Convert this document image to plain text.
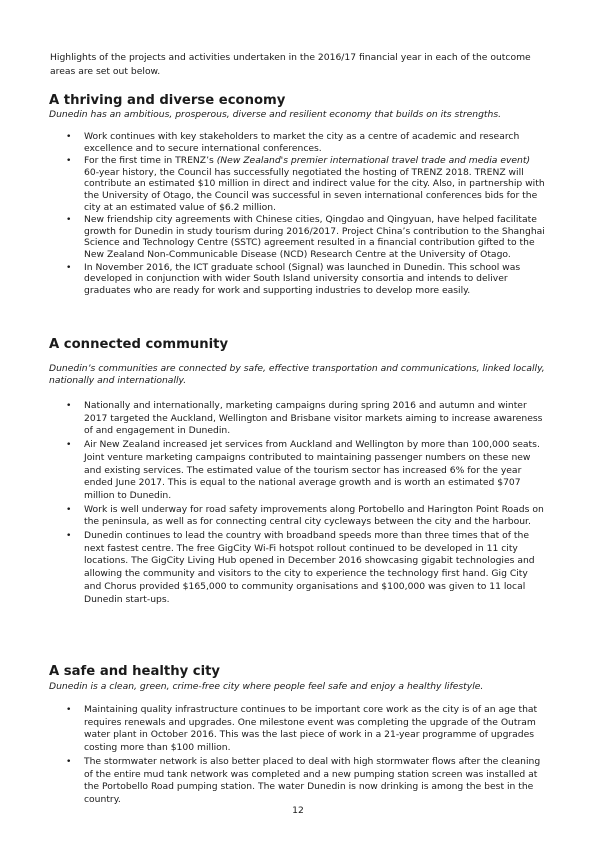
Highlights of the projects and activities undertaken in the 2016/17 financial year in each of the outcome areas are set out below.

A thriving and diverse economy

Dunedin has an ambitious, prosperous, diverse and resilient economy that builds on its strengths.

• Work continues with key stakeholders to market the city as a centre of academic and research excellence and to secure international conferences.
• For the first time in TRENZ’s (New Zealand's premier international travel trade and media event) 60-year history, the Council has successfully negotiated the hosting of TRENZ 2018. TRENZ will contribute an estimated $10 million in direct and indirect value for the city. Also, in partnership with the University of Otago, the Council was successful in seven international conferences bids for the city at an estimated value of $6.2 million.
• New friendship city agreements with Chinese cities, Qingdao and Qingyuan, have helped facilitate growth for Dunedin in study tourism during 2016/2017. Project China’s contribution to the Shanghai Science and Technology Centre (SSTC) agreement resulted in a financial contribution gifted to the New Zealand Non-Communicable Disease (NCD) Research Centre at the University of Otago.
• In November 2016, the ICT graduate school (Signal) was launched in Dunedin. This school was developed in conjunction with wider South Island university consortia and intends to deliver graduates who are ready for work and supporting industries to develop more easily.
A connected community

Dunedin’s communities are connected by safe, effective transportation and communications, linked locally, nationally and internationally.

• Nationally and internationally, marketing campaigns during spring 2016 and autumn and winter 2017 targeted the Auckland, Wellington and Brisbane visitor markets aiming to increase awareness of and engagement in Dunedin.
• Air New Zealand increased jet services from Auckland and Wellington by more than 100,000 seats. Joint venture marketing campaigns contributed to maintaining passenger numbers on these new and existing services. The estimated value of the tourism sector has increased 6% for the year ended June 2017. This is equal to the national average growth and is worth an estimated $707 million to Dunedin.
• Work is well underway for road safety improvements along Portobello and Harington Point Roads on the peninsula, as well as for connecting central city cycleways between the city and the harbour.
• Dunedin continues to lead the country with broadband speeds more than three times that of the next fastest centre. The free GigCity Wi-Fi hotspot rollout continued to be developed in 11 city locations. The GigCity Living Hub opened in December 2016 showcasing gigabit technologies and allowing the community and visitors to the city to experience the technology first hand. Gig City and Chorus provided $165,000 to community organisations and $100,000 was given to 11 local Dunedin start-ups.
A safe and healthy city

Dunedin is a clean, green, crime-free city where people feel safe and enjoy a healthy lifestyle.

• Maintaining quality infrastructure continues to be important core work as the city is of an age that requires renewals and upgrades. One milestone event was completing the upgrade of the Outram water plant in October 2016. This was the last piece of work in a 21-year programme of upgrades costing more than $100 million.
• The stormwater network is also better placed to deal with high stormwater flows after the cleaning of the entire mud tank network was completed and a new pumping station screen was installed at the Portobello Road pumping station. The water Dunedin is now drinking is among the best in the country.

12
